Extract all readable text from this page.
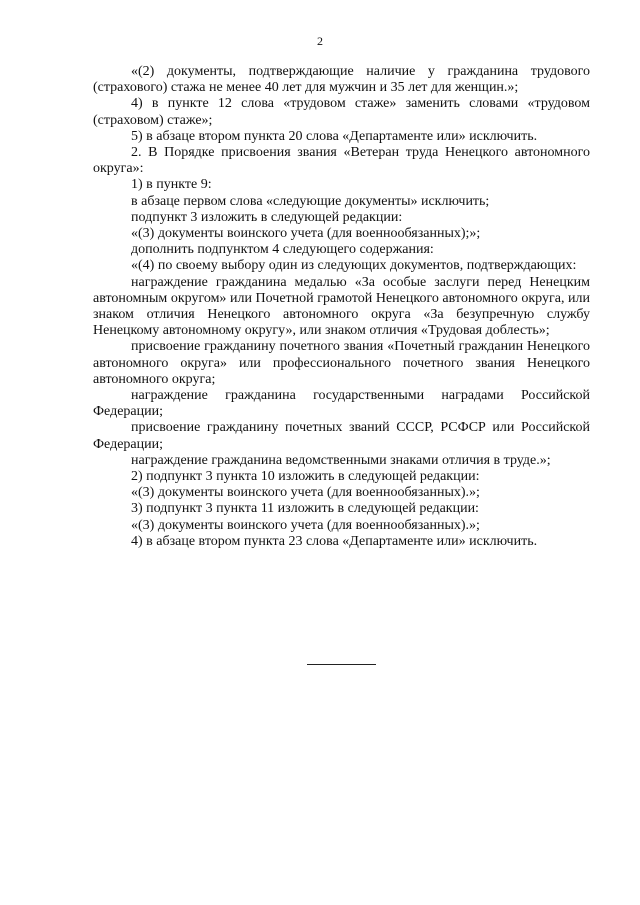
2

«(2) документы, подтверждающие наличие у гражданина трудового (страхового) стажа не менее 40 лет для мужчин и 35 лет для женщин.»;

4) в пункте 12 слова «трудовом стаже» заменить словами «трудовом (страховом) стаже»;

5) в абзаце втором пункта 20 слова «Департаменте или» исключить.

2. В Порядке присвоения звания «Ветеран труда Ненецкого автономного округа»:

1) в пункте 9:

в абзаце первом слова «следующие документы» исключить;

подпункт 3 изложить в следующей редакции:

«(3) документы воинского учета (для военнообязанных);»;

дополнить подпунктом 4 следующего содержания:

«(4) по своему выбору один из следующих документов, подтверждающих:

награждение гражданина медалью «За особые заслуги перед Ненецким автономным округом» или Почетной грамотой Ненецкого автономного округа, или знаком отличия Ненецкого автономного округа «За безупречную службу Ненецкому автономному округу», или знаком отличия «Трудовая доблесть»;

присвоение гражданину почетного звания «Почетный гражданин Ненецкого автономного округа» или профессионального почетного звания Ненецкого автономного округа;

награждение гражданина государственными наградами Российской Федерации;

присвоение гражданину почетных званий СССР, РСФСР или Российской Федерации;

награждение гражданина ведомственными знаками отличия в труде.»;

2) подпункт 3 пункта 10 изложить в следующей редакции:

«(3) документы воинского учета (для военнообязанных).»;

3) подпункт 3 пункта 11 изложить в следующей редакции:

«(3) документы воинского учета (для военнообязанных).»;

4) в абзаце втором пункта 23 слова «Департаменте или» исключить.
